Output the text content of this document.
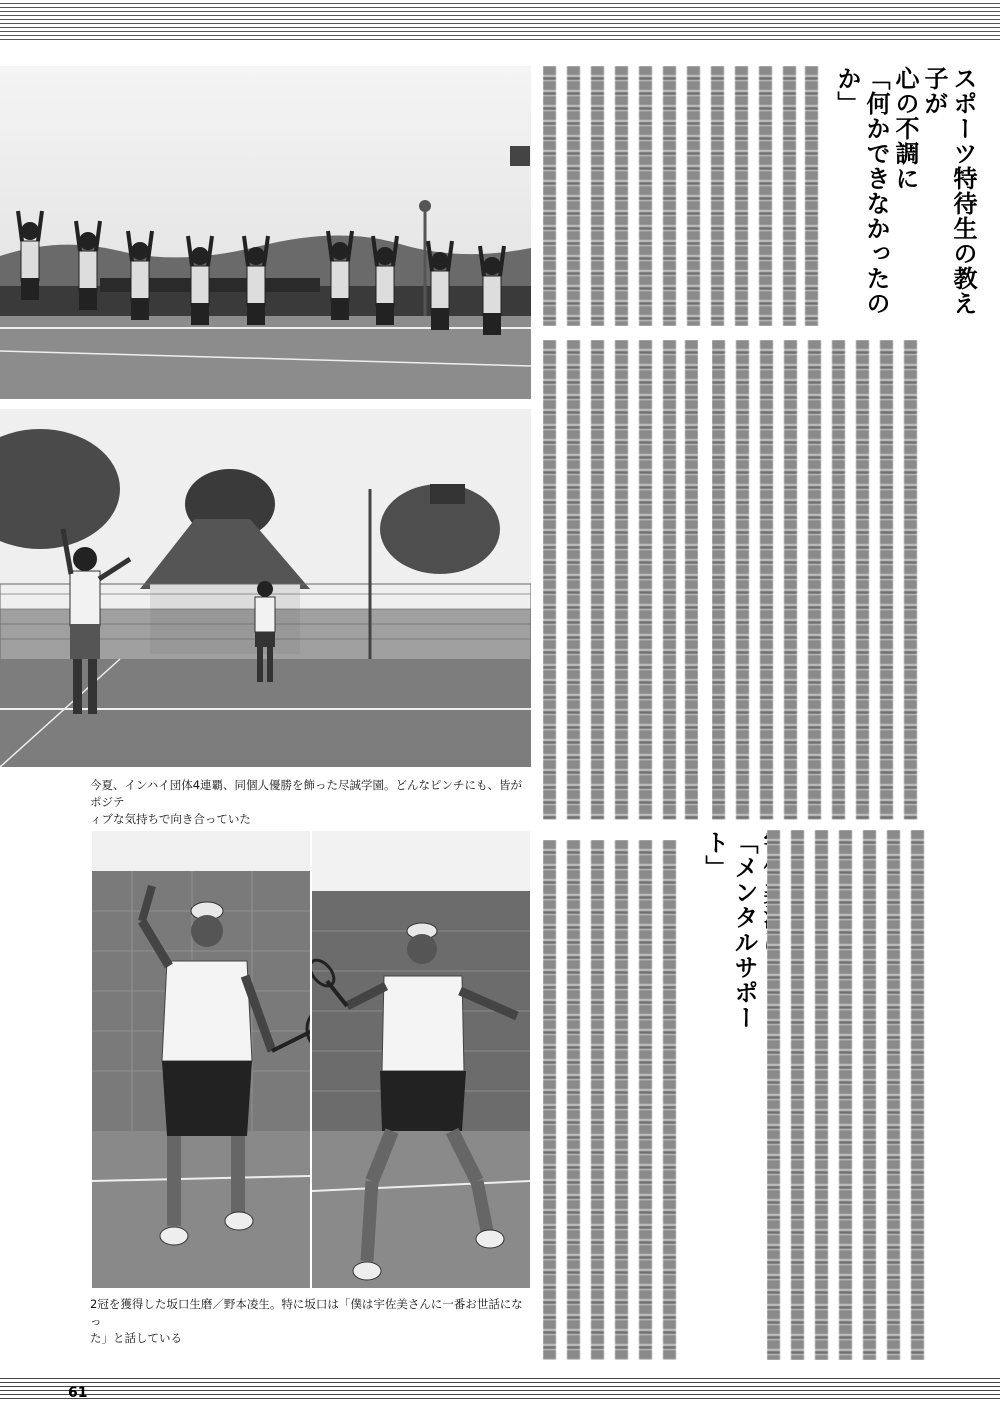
今夏、インハイ団体4連覇、同個人優勝を飾った尽誠学園。どんなピンチにも、皆がポジテ
ィブな気持ちで向き合っていた
2冠を獲得した坂口生磨／野本凌生。特に坂口は「僕は宇佐美さんに一番お世話になっ
た」と話している
スポーツ特待生の教え子が
心の不調に
「何かできなかったのか」
「メンタルサポート」
61
